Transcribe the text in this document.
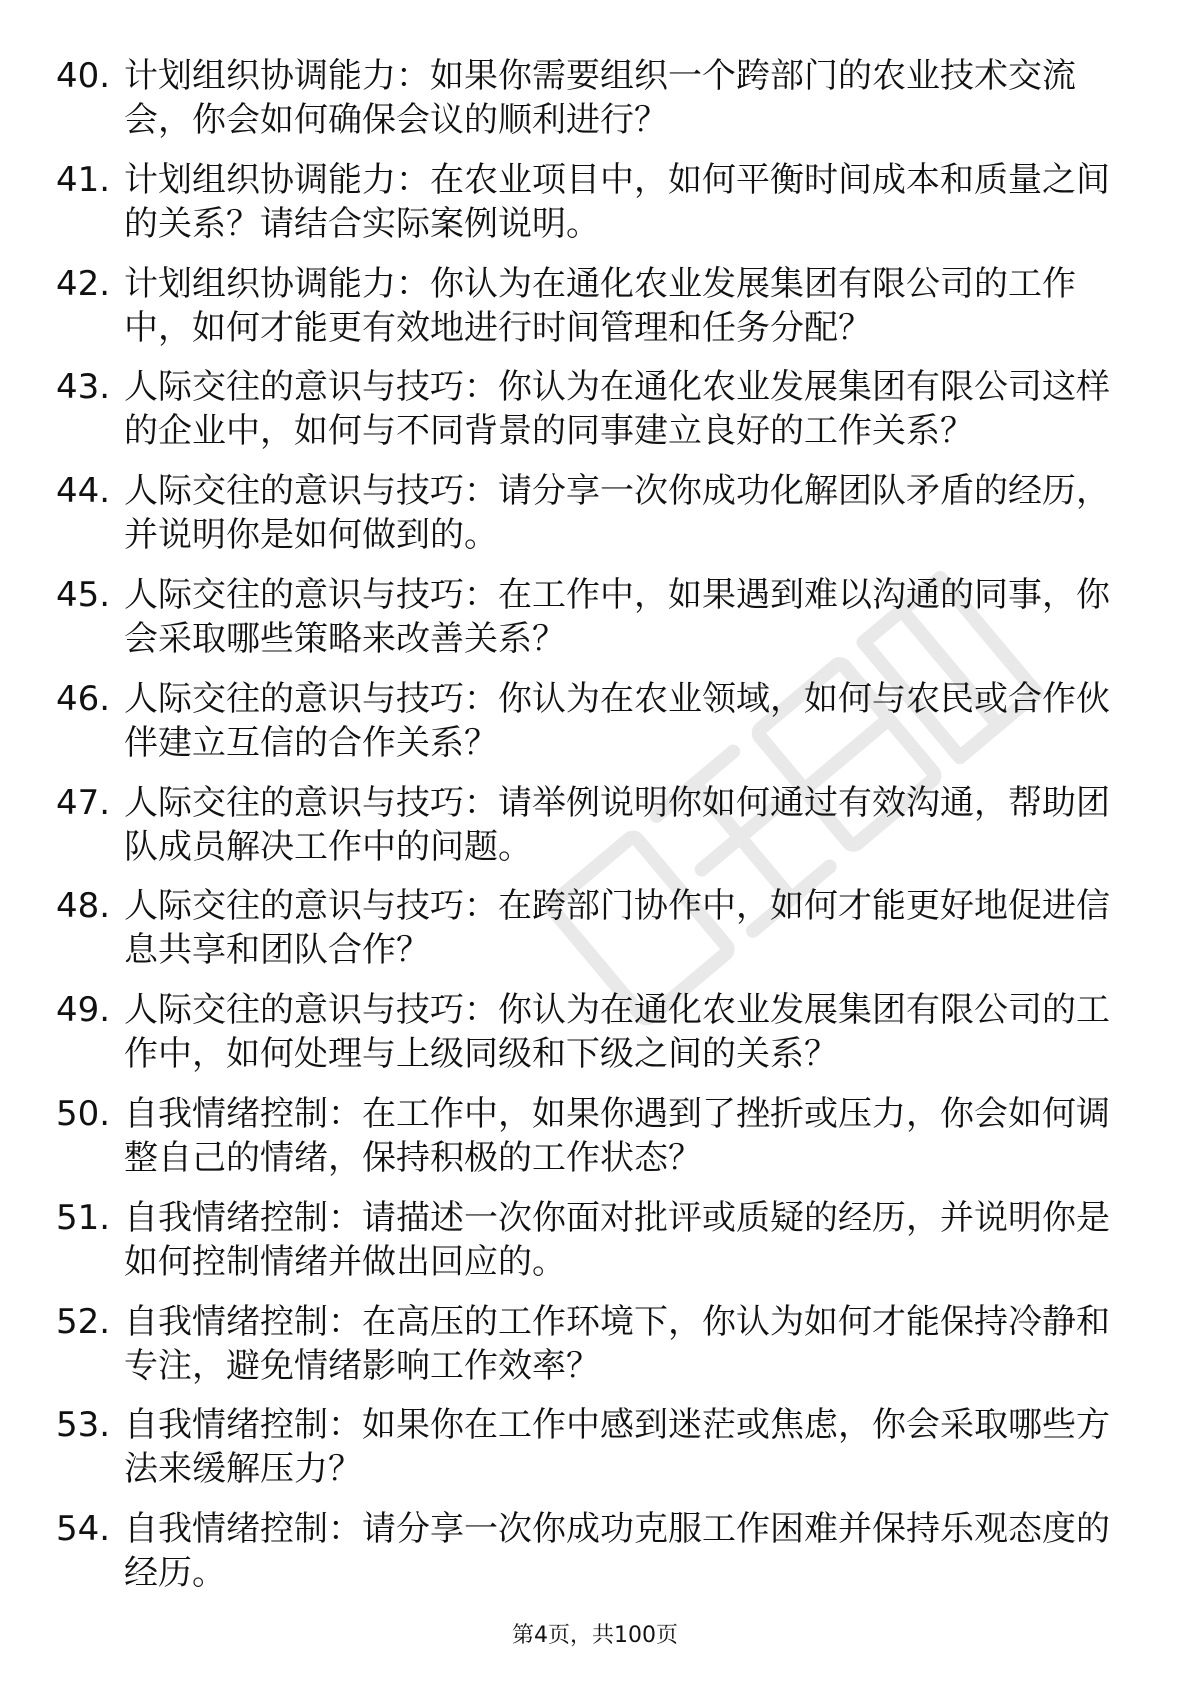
40. 计划组织协调能力：如果你需要组织一个跨部门的农业技术交流会，你会如何确保会议的顺利进行？
41. 计划组织协调能力：在农业项目中，如何平衡时间成本和质量之间的关系？请结合实际案例说明。
42. 计划组织协调能力：你认为在通化农业发展集团有限公司的工作中，如何才能更有效地进行时间管理和任务分配？
43. 人际交往的意识与技巧：你认为在通化农业发展集团有限公司这样的企业中，如何与不同背景的同事建立良好的工作关系？
44. 人际交往的意识与技巧：请分享一次你成功化解团队矛盾的经历，并说明你是如何做到的。
45. 人际交往的意识与技巧：在工作中，如果遇到难以沟通的同事，你会采取哪些策略来改善关系？
46. 人际交往的意识与技巧：你认为在农业领域，如何与农民或合作伙伴建立互信的合作关系？
47. 人际交往的意识与技巧：请举例说明你如何通过有效沟通，帮助团队成员解决工作中的问题。
48. 人际交往的意识与技巧：在跨部门协作中，如何才能更好地促进信息共享和团队合作？
49. 人际交往的意识与技巧：你认为在通化农业发展集团有限公司的工作中，如何处理与上级同级和下级之间的关系？
50. 自我情绪控制：在工作中，如果你遇到了挫折或压力，你会如何调整自己的情绪，保持积极的工作状态？
51. 自我情绪控制：请描述一次你面对批评或质疑的经历，并说明你是如何控制情绪并做出回应的。
52. 自我情绪控制：在高压的工作环境下，你认为如何才能保持冷静和专注，避免情绪影响工作效率？
53. 自我情绪控制：如果你在工作中感到迷茫或焦虑，你会采取哪些方法来缓解压力？
54. 自我情绪控制：请分享一次你成功克服工作困难并保持乐观态度的经历。
第4页，共100页
